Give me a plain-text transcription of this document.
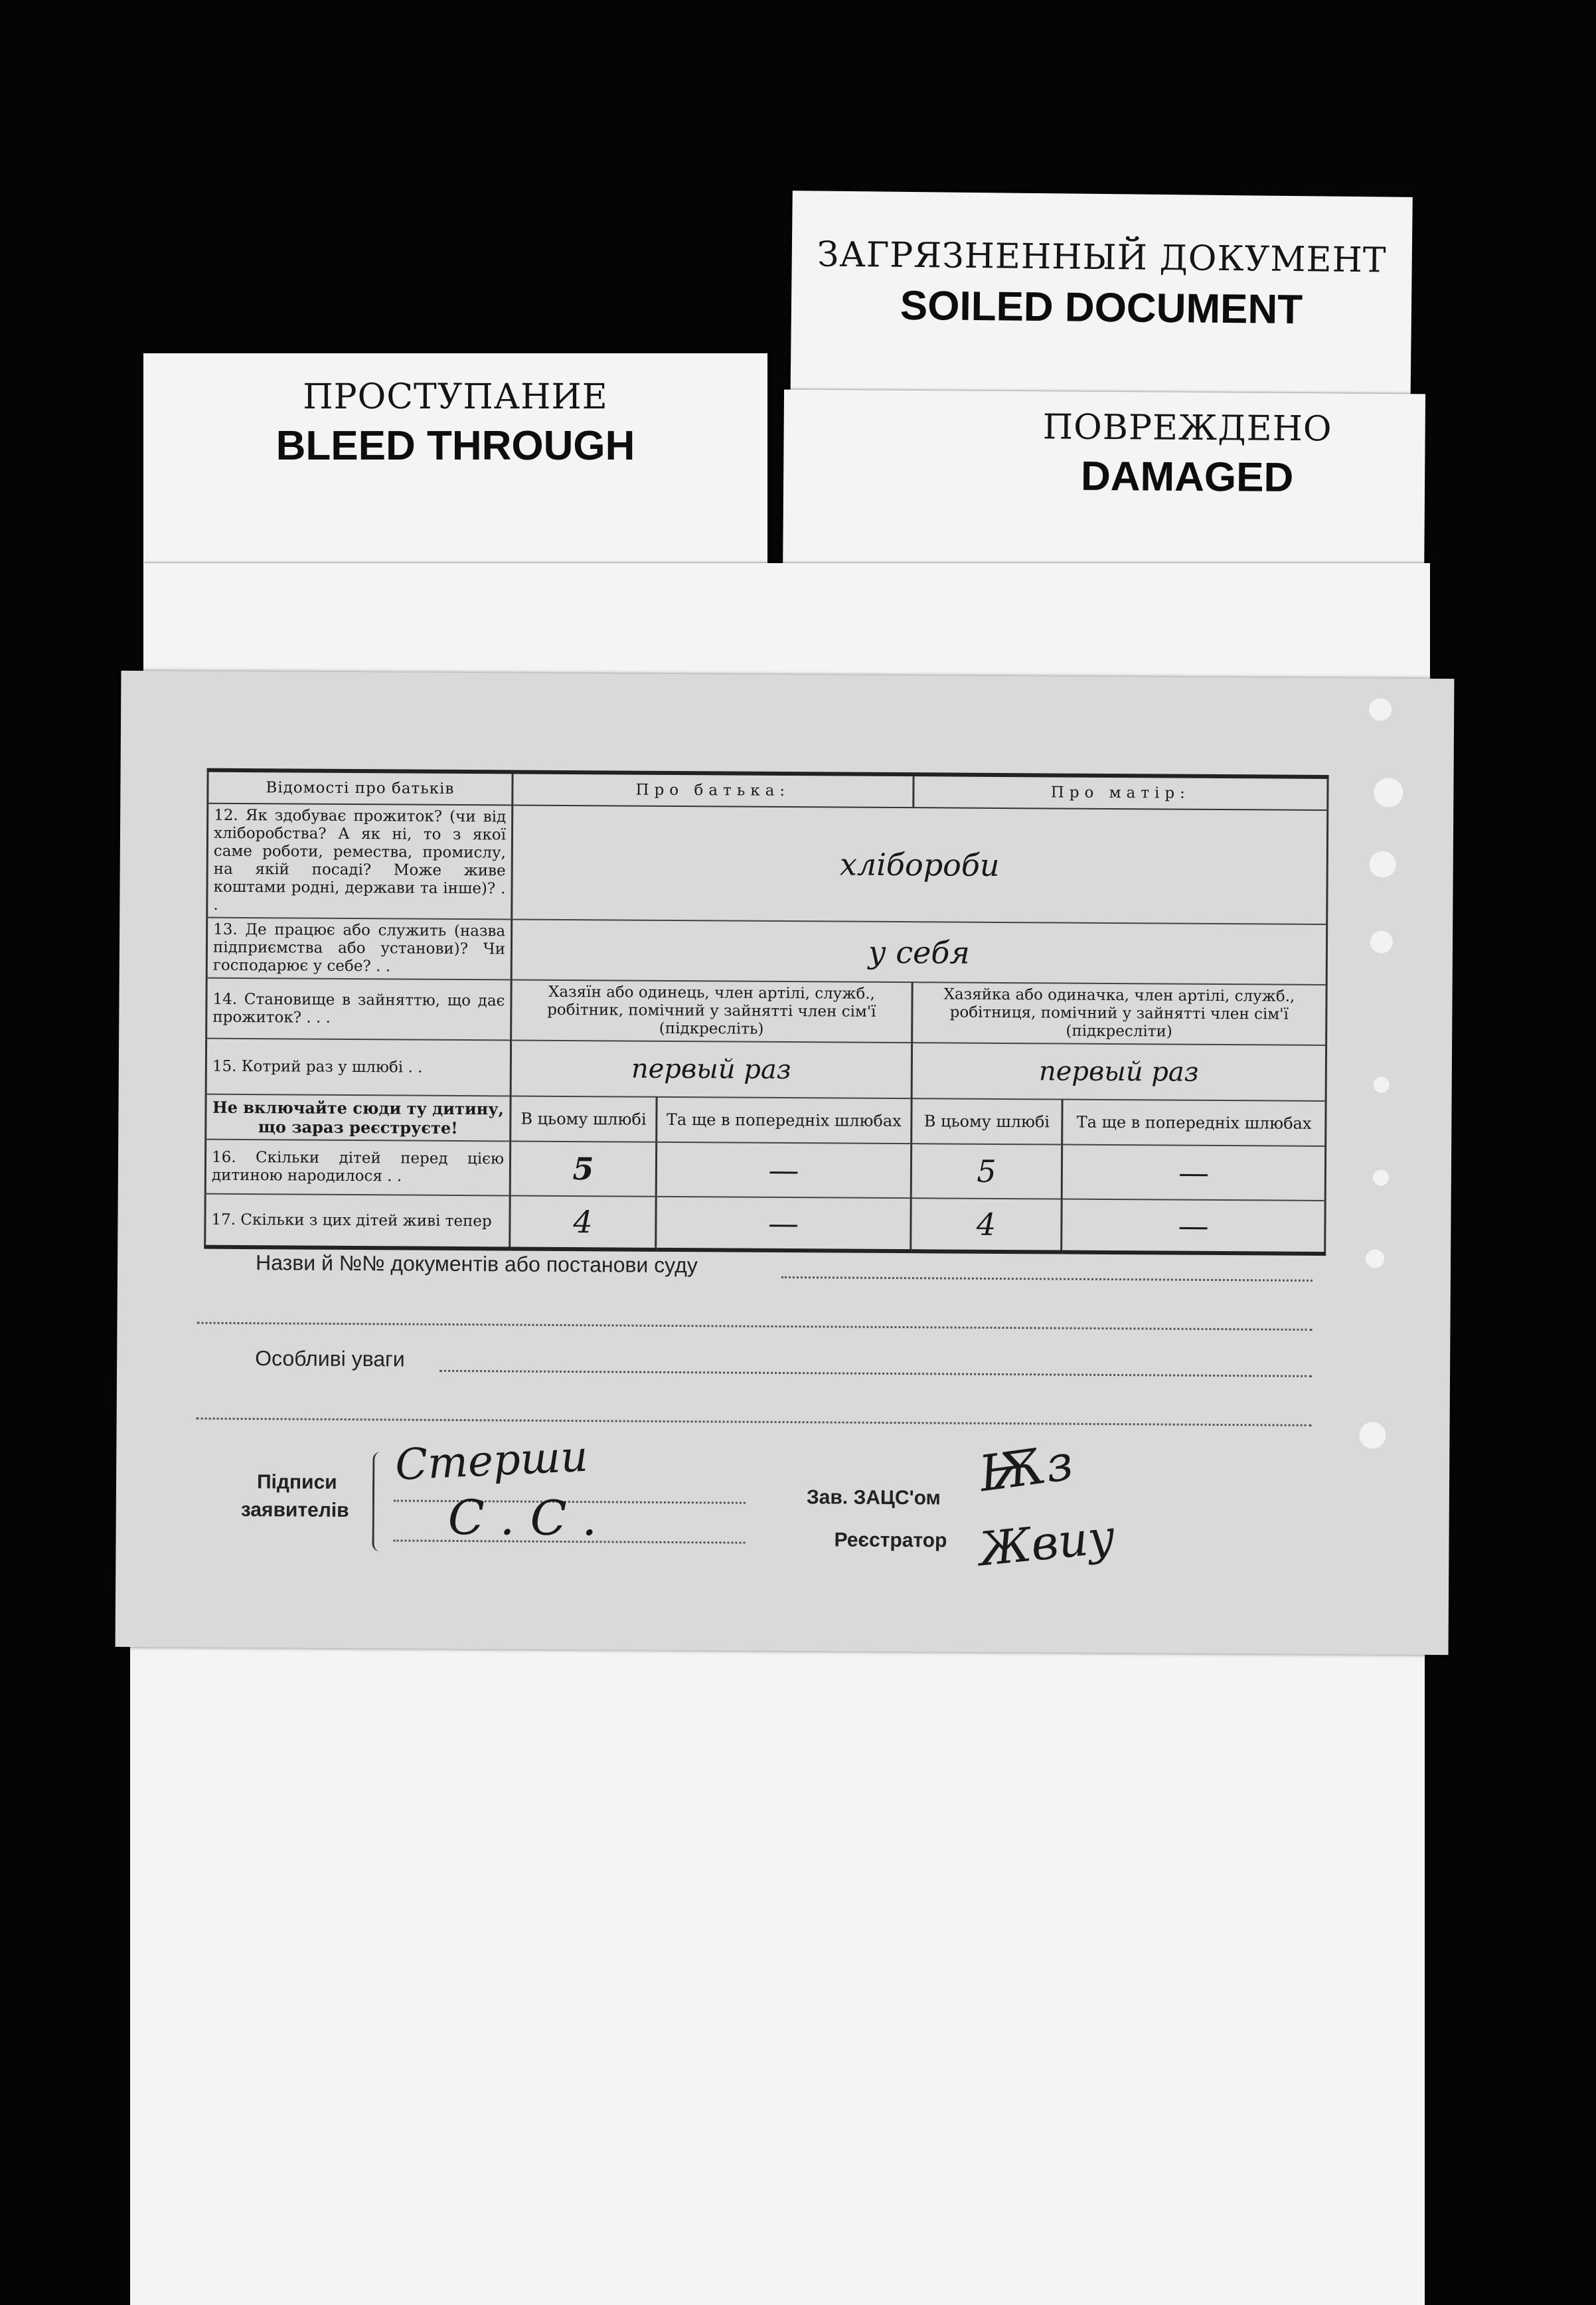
ЗАГРЯЗНЕННЫЙ ДОКУМЕНТ
SOILED DOCUMENT
ПРОСТУПАНИЕ
BLEED THROUGH	ПОВРЕЖДЕНО
DAMAGED
Відомості про батьків	Про батька:		Про матір:	
12. Як здобуває прожиток? (чи від хліборобства? А як ні, то з якої саме роботи, ремества, промислу, на якій посаді? Може живе коштами родні, держави та інше)? . .	хлібороби			
13. Де працює або служить (назва підприємства або установи)? Чи господарює у себе? . .	у себя			
14. Становище в зайняттю, що дає прожиток? . . .	Хазяїн або одинець, член артілі, служб., робітник, помічний у зайнятті член сім'ї (підкресліть)		Хазяйка або одиначка, член артілі, служб., робітниця, помічний у зайнятті член сім'ї (підкресліти)	
15. Котрий раз у шлюбі . .	первый раз		первый раз	
Не включайте сюди ту дитину, що зараз реєструєте!	В цьому шлюбі	Та ще в попередніх шлюбах	В цьому шлюбі	Та ще в попередніх шлюбах
16. Скільки дітей перед цією дитиною народилося . .	5	—	5	—
17. Скільки з цих дітей живі тепер	4	—	4	—
Назви й №№ документів або постанови суду
Особливі уваги
Підписи
заявителів
Стерши
С . С .	Зав. ЗАЦС'ом
Реєстратор
Ѭз
Жвиу
